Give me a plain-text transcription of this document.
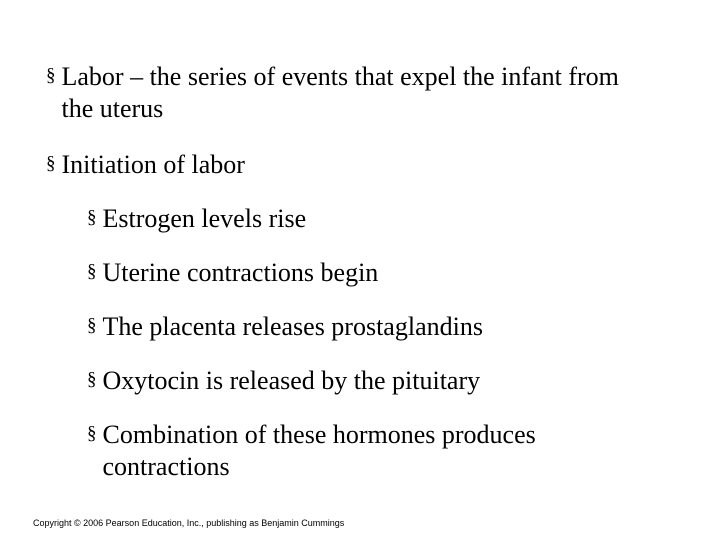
§ Labor – the series of events that expel the infant from the uterus
§ Initiation of labor
§ Estrogen levels rise
§ Uterine contractions begin
§ The placenta releases prostaglandins
§ Oxytocin is released by the pituitary
§ Combination of these hormones produces contractions
Copyright © 2006 Pearson Education, Inc., publishing as Benjamin Cummings
